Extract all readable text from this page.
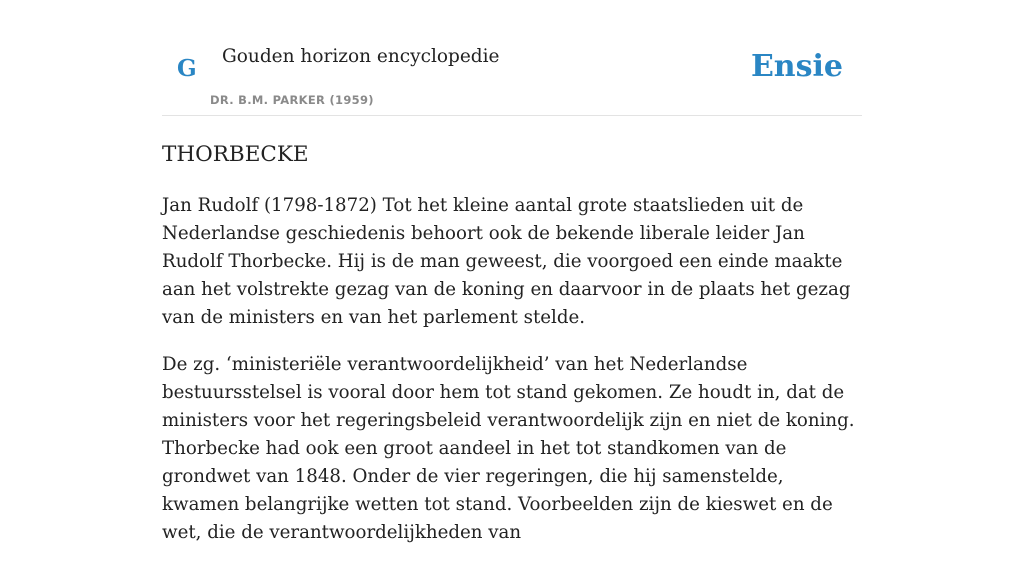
G Gouden horizon encyclopedie
DR. B.M. PARKER (1959)
Ensie
THORBECKE

Jan Rudolf (1798-1872) Tot het kleine aantal grote staatslieden uit de Nederlandse geschiedenis behoort ook de bekende liberale leider Jan Rudolf Thorbecke. Hij is de man geweest, die voorgoed een einde maakte aan het volstrekte gezag van de koning en daarvoor in de plaats het gezag van de ministers en van het parlement stelde.

De zg. ‘ministeriële verantwoordelijkheid’ van het Nederlandse bestuursstelsel is vooral door hem tot stand gekomen. Ze houdt in, dat de ministers voor het regeringsbeleid verantwoordelijk zijn en niet de koning. Thorbecke had ook een groot aandeel in het tot standkomen van de grondwet van 1848. Onder de vier regeringen, die hij samenstelde, kwamen belangrijke wetten tot stand. Voorbeelden zijn de kieswet en de wet, die de verantwoordelijkheden van
